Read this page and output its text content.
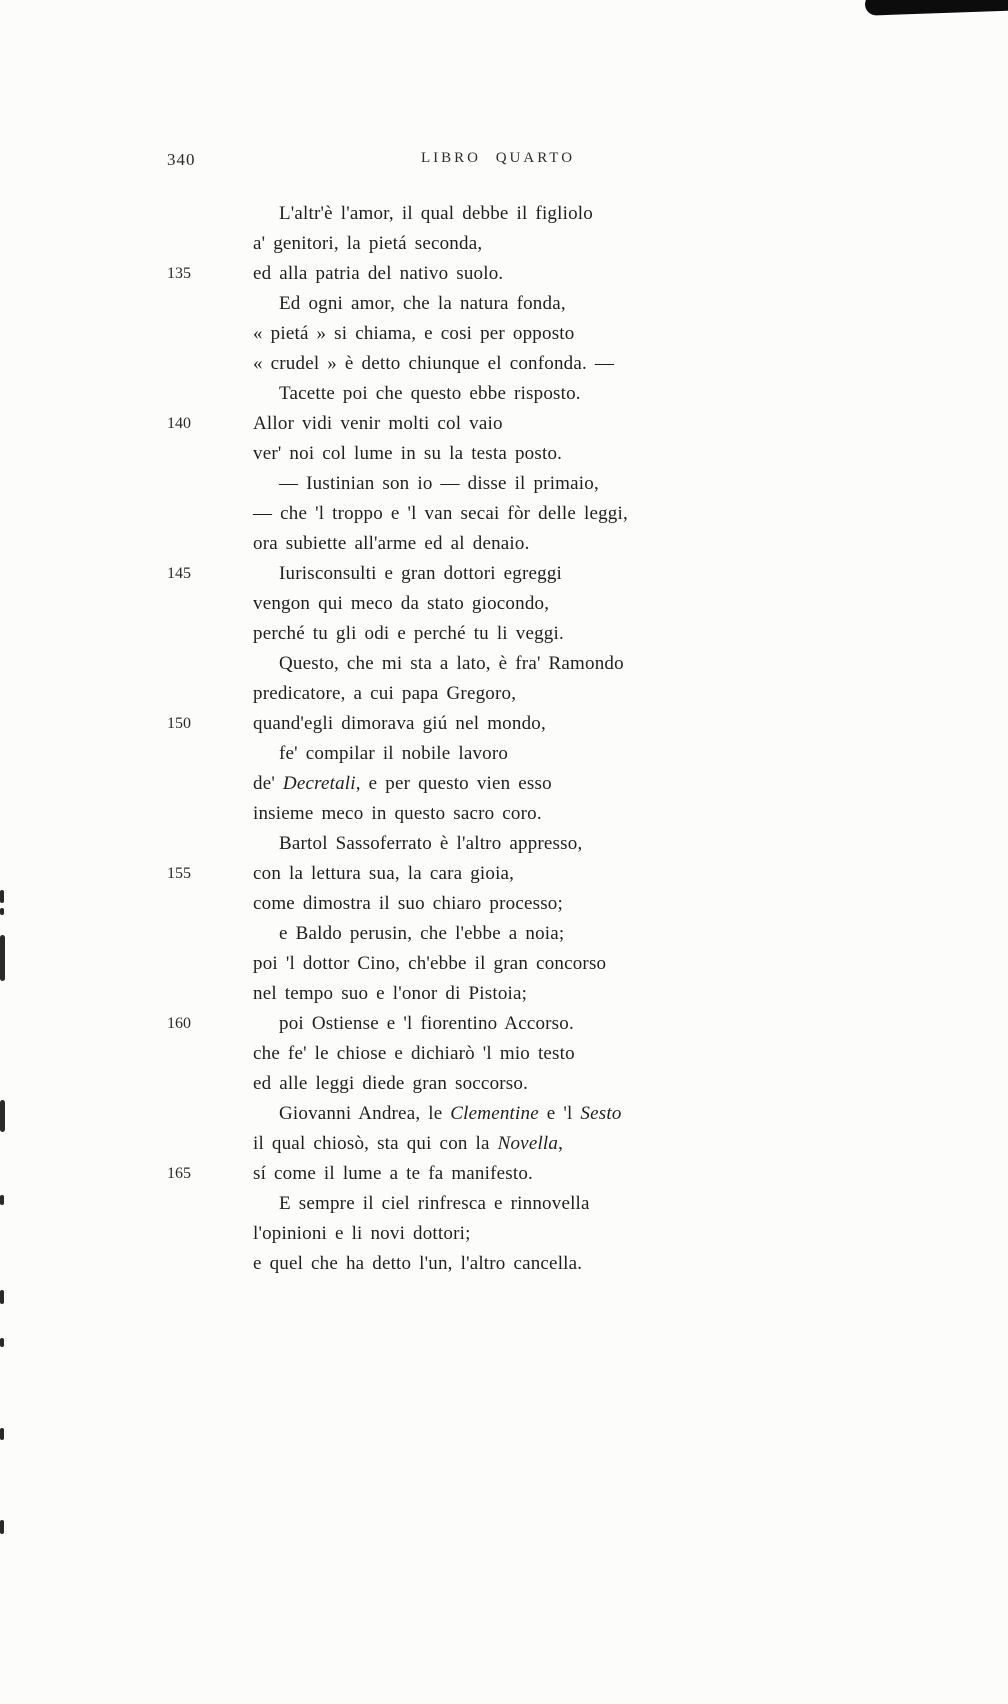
340	LIBRO QUARTO
L'altr'è l'amor, il qual debbe il figliolo
a' genitori, la pietá seconda,
135	ed alla patria del nativo suolo.
Ed ogni amor, che la natura fonda,
« pietá » si chiama, e cosi per opposto
« crudel » è detto chiunque el confonda. —
Tacette poi che questo ebbe risposto.
140	Allor vidi venir molti col vaio
ver' noi col lume in su la testa posto.
— Iustinian son io — disse il primaio,
— che 'l troppo e 'l van secai fòr delle leggi,
ora subiette all'arme ed al denaio.
145	Iurisconsulti e gran dottori egreggi
vengon qui meco da stato giocondo,
perché tu gli odi e perché tu li veggi.
Questo, che mi sta a lato, è fra' Ramondo
predicatore, a cui papa Gregoro,
150	quand'egli dimorava giú nel mondo,
fe' compilar il nobile lavoro
de' Decretali, e per questo vien esso
insieme meco in questo sacro coro.
Bartol Sassoferrato è l'altro appresso,
155	con la lettura sua, la cara gioia,
come dimostra il suo chiaro processo;
e Baldo perusin, che l'ebbe a noia;
poi 'l dottor Cino, ch'ebbe il gran concorso
nel tempo suo e l'onor di Pistoia;
160	poi Ostiense e 'l fiorentino Accorso.
che fe' le chiose e dichiarò 'l mio testo
ed alle leggi diede gran soccorso.
Giovanni Andrea, le Clementine e 'l Sesto
il qual chiosò, sta qui con la Novella,
165	sí come il lume a te fa manifesto.
E sempre il ciel rinfresca e rinnovella
l'opinioni e li novi dottori;
e quel che ha detto l'un, l'altro cancella.
